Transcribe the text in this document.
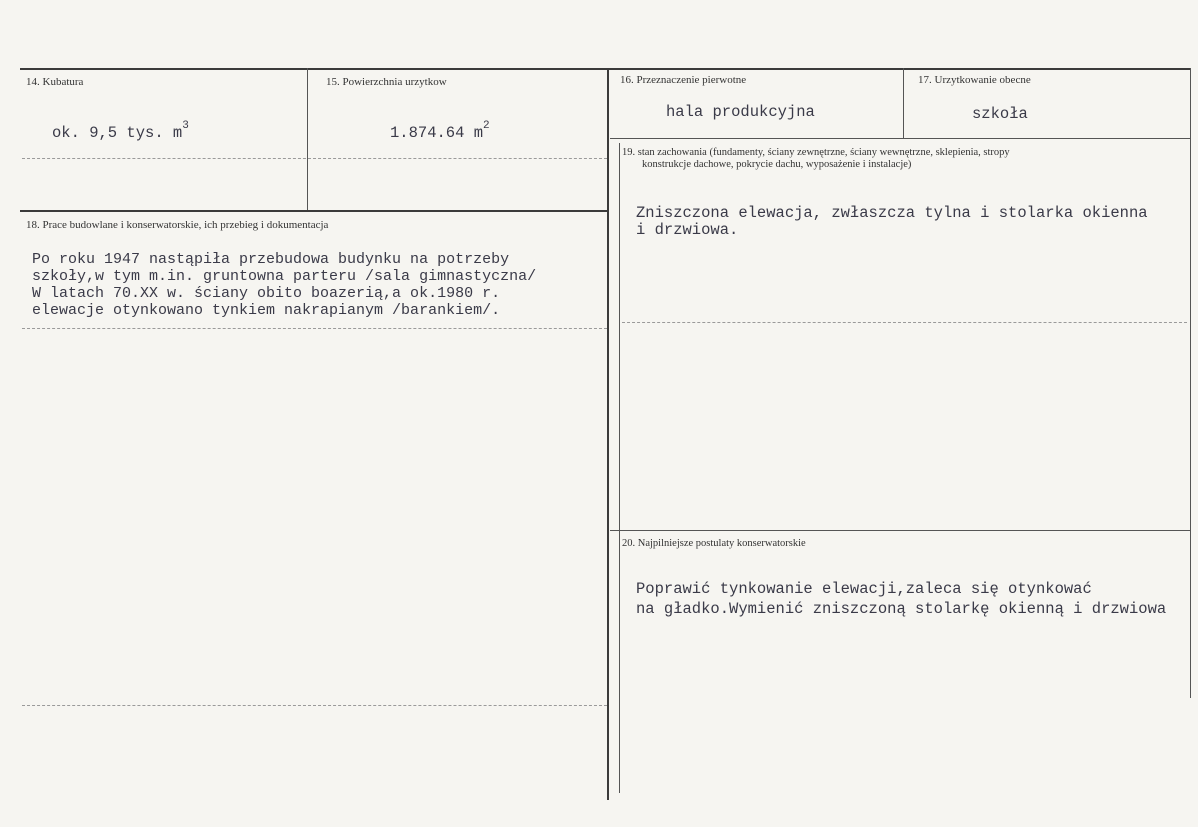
14. Kubatura
ok. 9,5 tys. $m^3$
15. Powierzchnia urzytkow
1.874.64 $m^2$
16. Przeznaczenie pierwotne
hala produkcyjna
17. Urzytkowanie obecne
szkoła
19. stan zachowania (fundamenty, ściany zewnętrzne, ściany wewnętrzne, sklepienia, stropy
konstrukcje dachowe, pokrycie dachu, wyposażenie i instalacje)
Zniszczona elewacja, zwłaszcza tylna i stolarka okienna
i drzwiowa.
18. Prace budowlane i konserwatorskie, ich przebieg i dokumentacja
Po roku 1947 nastąpiła przebudowa budynku na potrzeby
szkoły,w tym m.in. gruntowna parteru /sala gimnastyczna/
W latach 70.XX w. ściany obito boazerią,a ok.1980 r.
elewacje otynkowano tynkiem nakrapianym /barankiem/.
20. Najpilniejsze postulaty konserwatorskie
Poprawić tynkowanie elewacji,zaleca się otynkować
na gładko.Wymienić zniszczoną stolarkę okienną i drzwiowa
